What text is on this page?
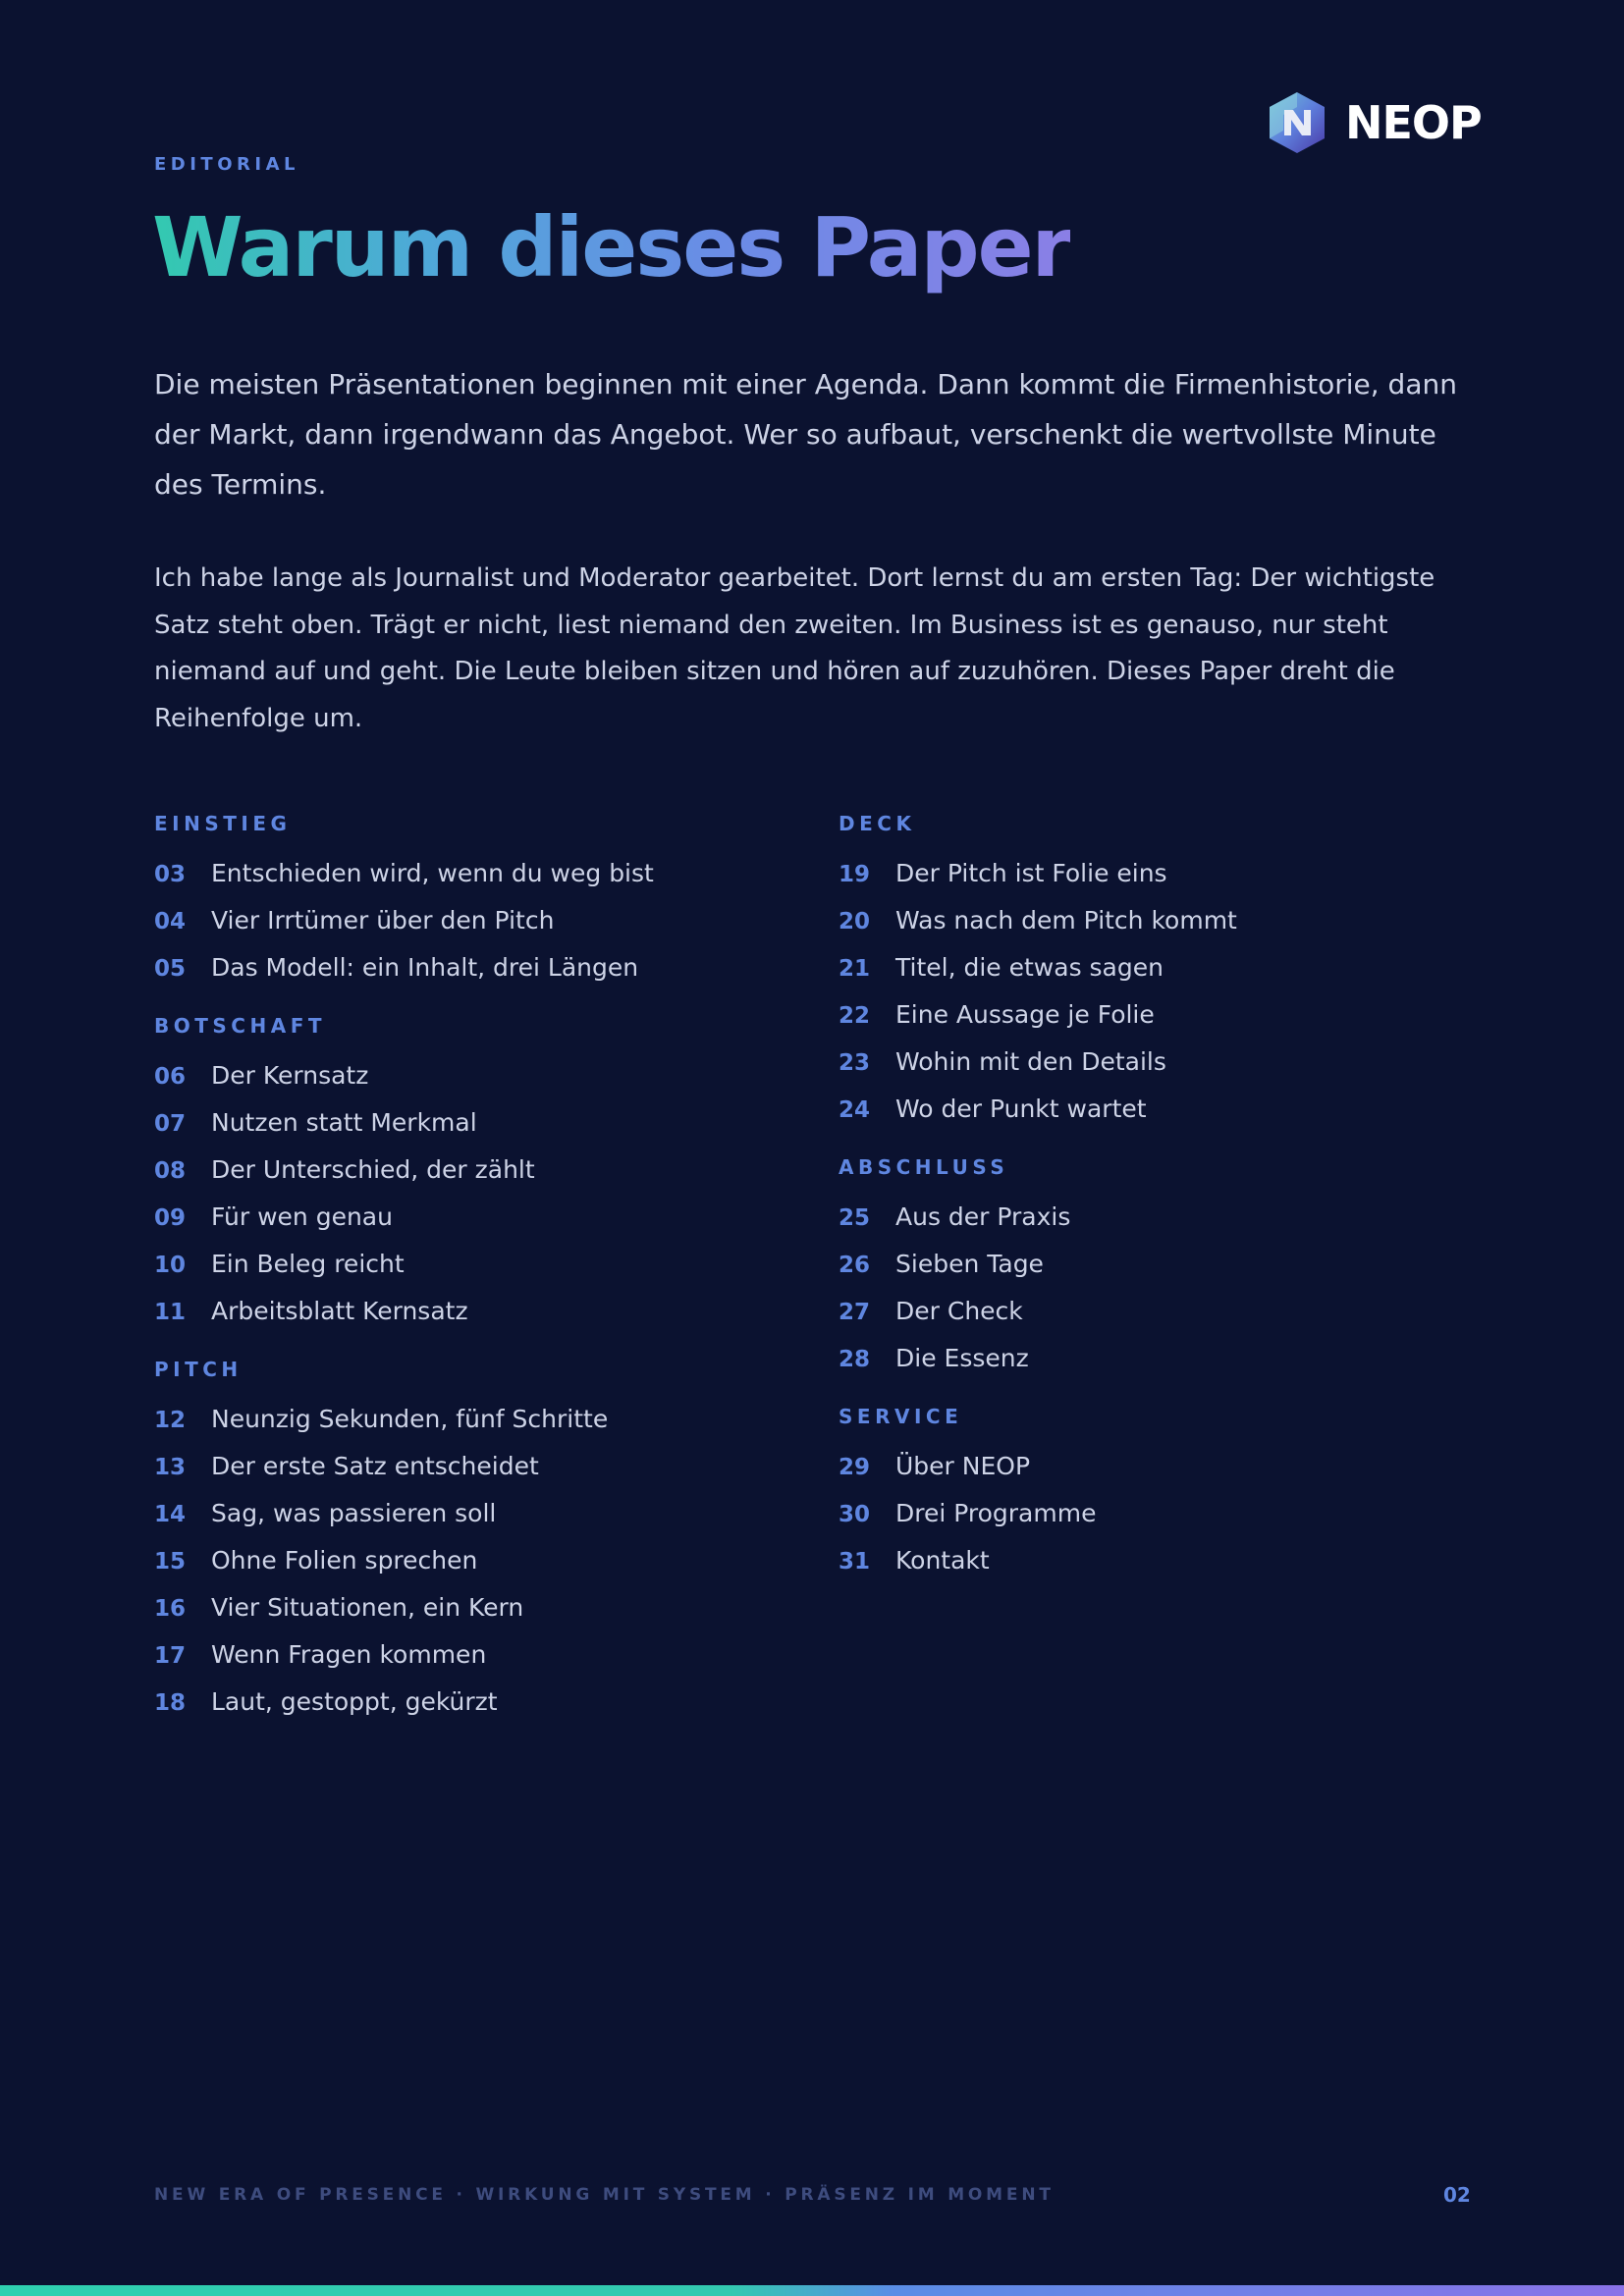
NEOP
EDITORIAL
Warum dieses Paper

Die meisten Präsentationen beginnen mit einer Agenda. Dann kommt die Firmenhistorie, dann der Markt, dann irgendwann das Angebot. Wer so aufbaut, verschenkt die wertvollste Minute des Termins.

Ich habe lange als Journalist und Moderator gearbeitet. Dort lernst du am ersten Tag: Der wichtigste Satz steht oben. Trägt er nicht, liest niemand den zweiten. Im Business ist es genauso, nur steht niemand auf und geht. Die Leute bleiben sitzen und hören auf zuzuhören. Dieses Paper dreht die Reihenfolge um.

EINSTIEG
03	Entschieden wird, wenn du weg bist
04	Vier Irrtümer über den Pitch
05	Das Modell: ein Inhalt, drei Längen
BOTSCHAFT
06	Der Kernsatz
07	Nutzen statt Merkmal
08	Der Unterschied, der zählt
09	Für wen genau
10	Ein Beleg reicht
11	Arbeitsblatt Kernsatz
PITCH
12	Neunzig Sekunden, fünf Schritte
13	Der erste Satz entscheidet
14	Sag, was passieren soll
15	Ohne Folien sprechen
16	Vier Situationen, ein Kern
17	Wenn Fragen kommen
18	Laut, gestoppt, gekürzt
DECK
19	Der Pitch ist Folie eins
20	Was nach dem Pitch kommt
21	Titel, die etwas sagen
22	Eine Aussage je Folie
23	Wohin mit den Details
24	Wo der Punkt wartet
ABSCHLUSS
25	Aus der Praxis
26	Sieben Tage
27	Der Check
28	Die Essenz
SERVICE
29	Über NEOP
30	Drei Programme
31	Kontakt
NEW ERA OF PRESENCE · WIRKUNG MIT SYSTEM · PRÄSENZ IM MOMENT	02
